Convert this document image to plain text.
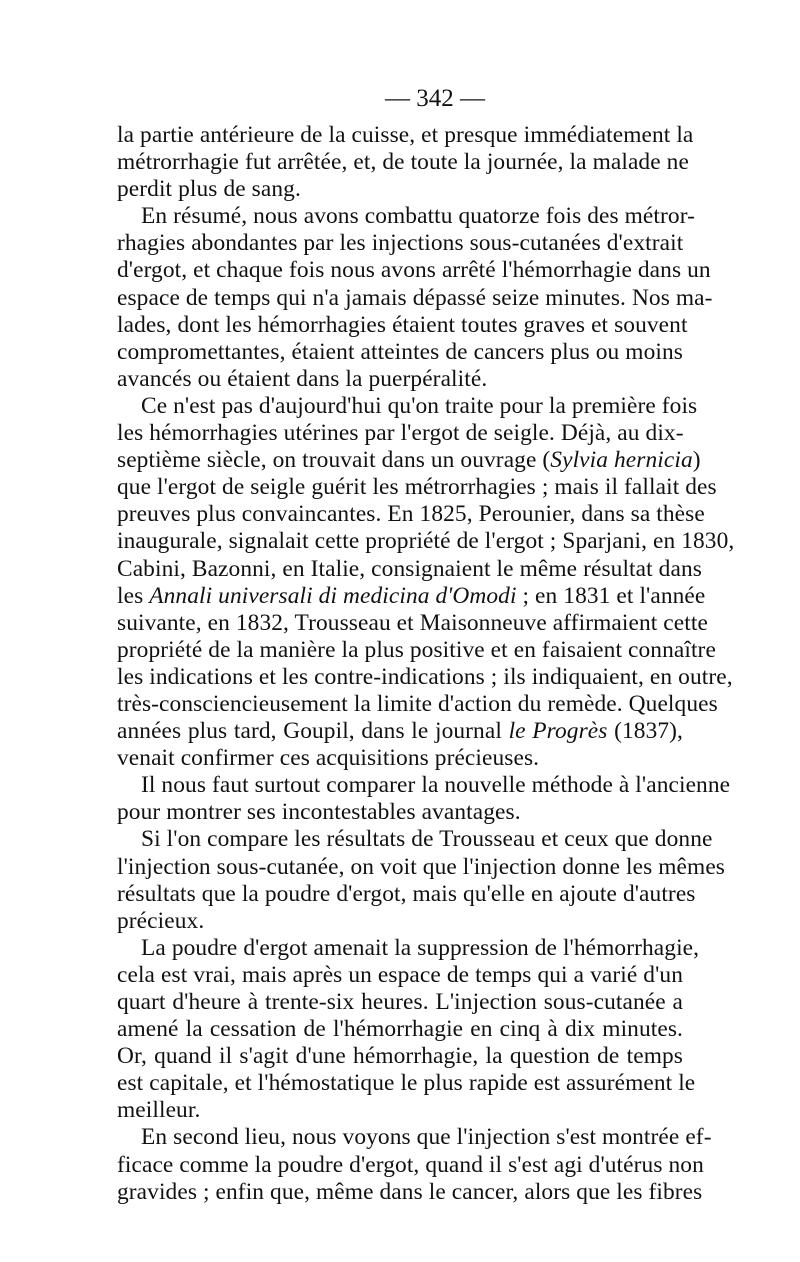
— 342 —

la partie antérieure de la cuisse, et presque immédiatement la
métrorrhagie fut arrêtée, et, de toute la journée, la malade ne
perdit plus de sang.

En résumé, nous avons combattu quatorze fois des métror-
rhagies abondantes par les injections sous-cutanées d'extrait
d'ergot, et chaque fois nous avons arrêté l'hémorrhagie dans un
espace de temps qui n'a jamais dépassé seize minutes. Nos ma-
lades, dont les hémorrhagies étaient toutes graves et souvent
compromettantes, étaient atteintes de cancers plus ou moins
avancés ou étaient dans la puerpéralité.

Ce n'est pas d'aujourd'hui qu'on traite pour la première fois
les hémorrhagies utérines par l'ergot de seigle. Déjà, au dix-
septième siècle, on trouvait dans un ouvrage (Sylvia hernicia)
que l'ergot de seigle guérit les métrorrhagies ; mais il fallait des
preuves plus convaincantes. En 1825, Perounier, dans sa thèse
inaugurale, signalait cette propriété de l'ergot ; Sparjani, en 1830,
Cabini, Bazonni, en Italie, consignaient le même résultat dans
les Annali universali di medicina d'Omodi ; en 1831 et l'année
suivante, en 1832, Trousseau et Maisonneuve affirmaient cette
propriété de la manière la plus positive et en faisaient connaître
les indications et les contre-indications ; ils indiquaient, en outre,
très-consciencieusement la limite d'action du remède. Quelques
années plus tard, Goupil, dans le journal le Progrès (1837),
venait confirmer ces acquisitions précieuses.

Il nous faut surtout comparer la nouvelle méthode à l'ancienne
pour montrer ses incontestables avantages.

Si l'on compare les résultats de Trousseau et ceux que donne
l'injection sous-cutanée, on voit que l'injection donne les mêmes
résultats que la poudre d'ergot, mais qu'elle en ajoute d'autres
précieux.

La poudre d'ergot amenait la suppression de l'hémorrhagie,
cela est vrai, mais après un espace de temps qui a varié d'un
quart d'heure à trente-six heures. L'injection sous-cutanée a
amené la cessation de l'hémorrhagie en cinq à dix minutes.
Or, quand il s'agit d'une hémorrhagie, la question de temps
est capitale, et l'hémostatique le plus rapide est assurément le
meilleur.

En second lieu, nous voyons que l'injection s'est montrée ef-
ficace comme la poudre d'ergot, quand il s'est agi d'utérus non
gravides ; enfin que, même dans le cancer, alors que les fibres
